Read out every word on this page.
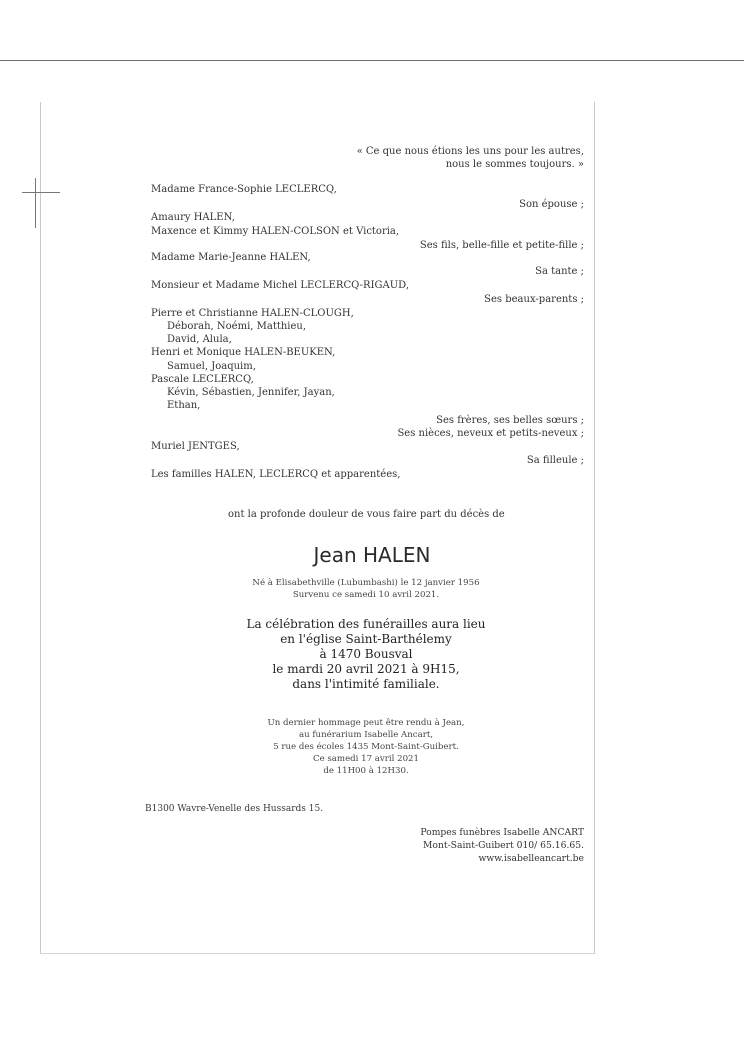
« Ce que nous étions les uns pour les autres,
nous le sommes toujours. »
Madame France-Sophie LECLERCQ,
Son épouse ;
Amaury HALEN,
Maxence et Kimmy HALEN-COLSON et Victoria,
Ses fils, belle-fille et petite-fille ;
Madame Marie-Jeanne HALEN,
Sa tante ;
Monsieur et Madame Michel LECLERCQ-RIGAUD,
Ses beaux-parents ;
Pierre et Christianne HALEN-CLOUGH,
Déborah, Noémi, Matthieu,
David, Alula,
Henri et Monique HALEN-BEUKEN,
Samuel, Joaquim,
Pascale LECLERCQ,
Kévin, Sébastien, Jennifer, Jayan,
Ethan,
Ses frères, ses belles sœurs ;
Ses nièces, neveux et petits-neveux ;
Muriel JENTGES,
Sa filleule ;
Les familles HALEN, LECLERCQ et apparentées,
ont la profonde douleur de vous faire part du décès de
Jean HALEN
Né à Elisabethville (Lubumbashi) le 12 janvier 1956
Survenu ce samedi 10 avril 2021.
La célébration des funérailles aura lieu
en l'église Saint-Barthélemy
à 1470 Bousval
le mardi 20 avril 2021 à 9H15,
dans l'intimité familiale.
Un dernier hommage peut être rendu à Jean,
au funérarium Isabelle Ancart,
5 rue des écoles 1435 Mont-Saint-Guibert.
Ce samedi 17 avril 2021
de 11H00 à 12H30.
B1300 Wavre-Venelle des Hussards 15.
Pompes funèbres Isabelle ANCART
Mont-Saint-Guibert 010/ 65.16.65.
www.isabelleancart.be
